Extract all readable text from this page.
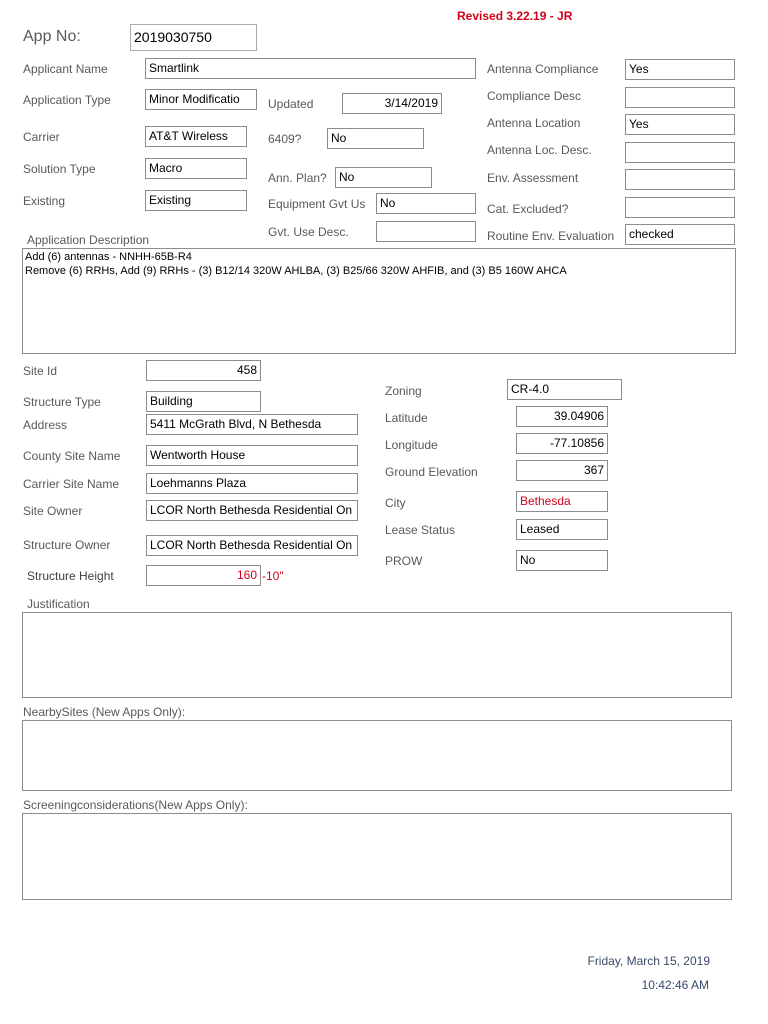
Revised 3.22.19 - JR
App No:	2019030750
Applicant Name	Smartlink
Application Type	Minor Modificatio
Carrier	AT&T Wireless
Solution Type	Macro
Existing	Existing
Updated	3/14/2019
6409?	No
Ann. Plan?	No
Equipment Gvt Us	No
Gvt. Use Desc.
Antenna Compliance	Yes
Compliance Desc
Antenna Location	Yes
Antenna Loc. Desc.
Env. Assessment
Cat. Excluded?
Routine Env. Evaluation	checked
Application Description
Add (6) antennas - NNHH-65B-R4
Remove (6) RRHs, Add (9) RRHs - (3) B12/14 320W AHLBA, (3) B25/66 320W AHFIB, and (3) B5 160W AHCA
Site Id	458
Structure Type	Building
Address	5411 McGrath Blvd, N Bethesda
County Site Name	Wentworth House
Carrier Site Name	Loehmanns Plaza
Site Owner	LCOR North Bethesda Residential On
Structure Owner	LCOR North Bethesda Residential On
Structure Height	160 -10"
Zoning	CR-4.0
Latitude	39.04906
Longitude	-77.10856
Ground Elevation	367
City	Bethesda
Lease Status	Leased
PROW	No
Justification
NearbySites (New Apps Only):
Screeningconsiderations(New Apps Only):
Friday, March 15, 2019
10:42:46 AM
